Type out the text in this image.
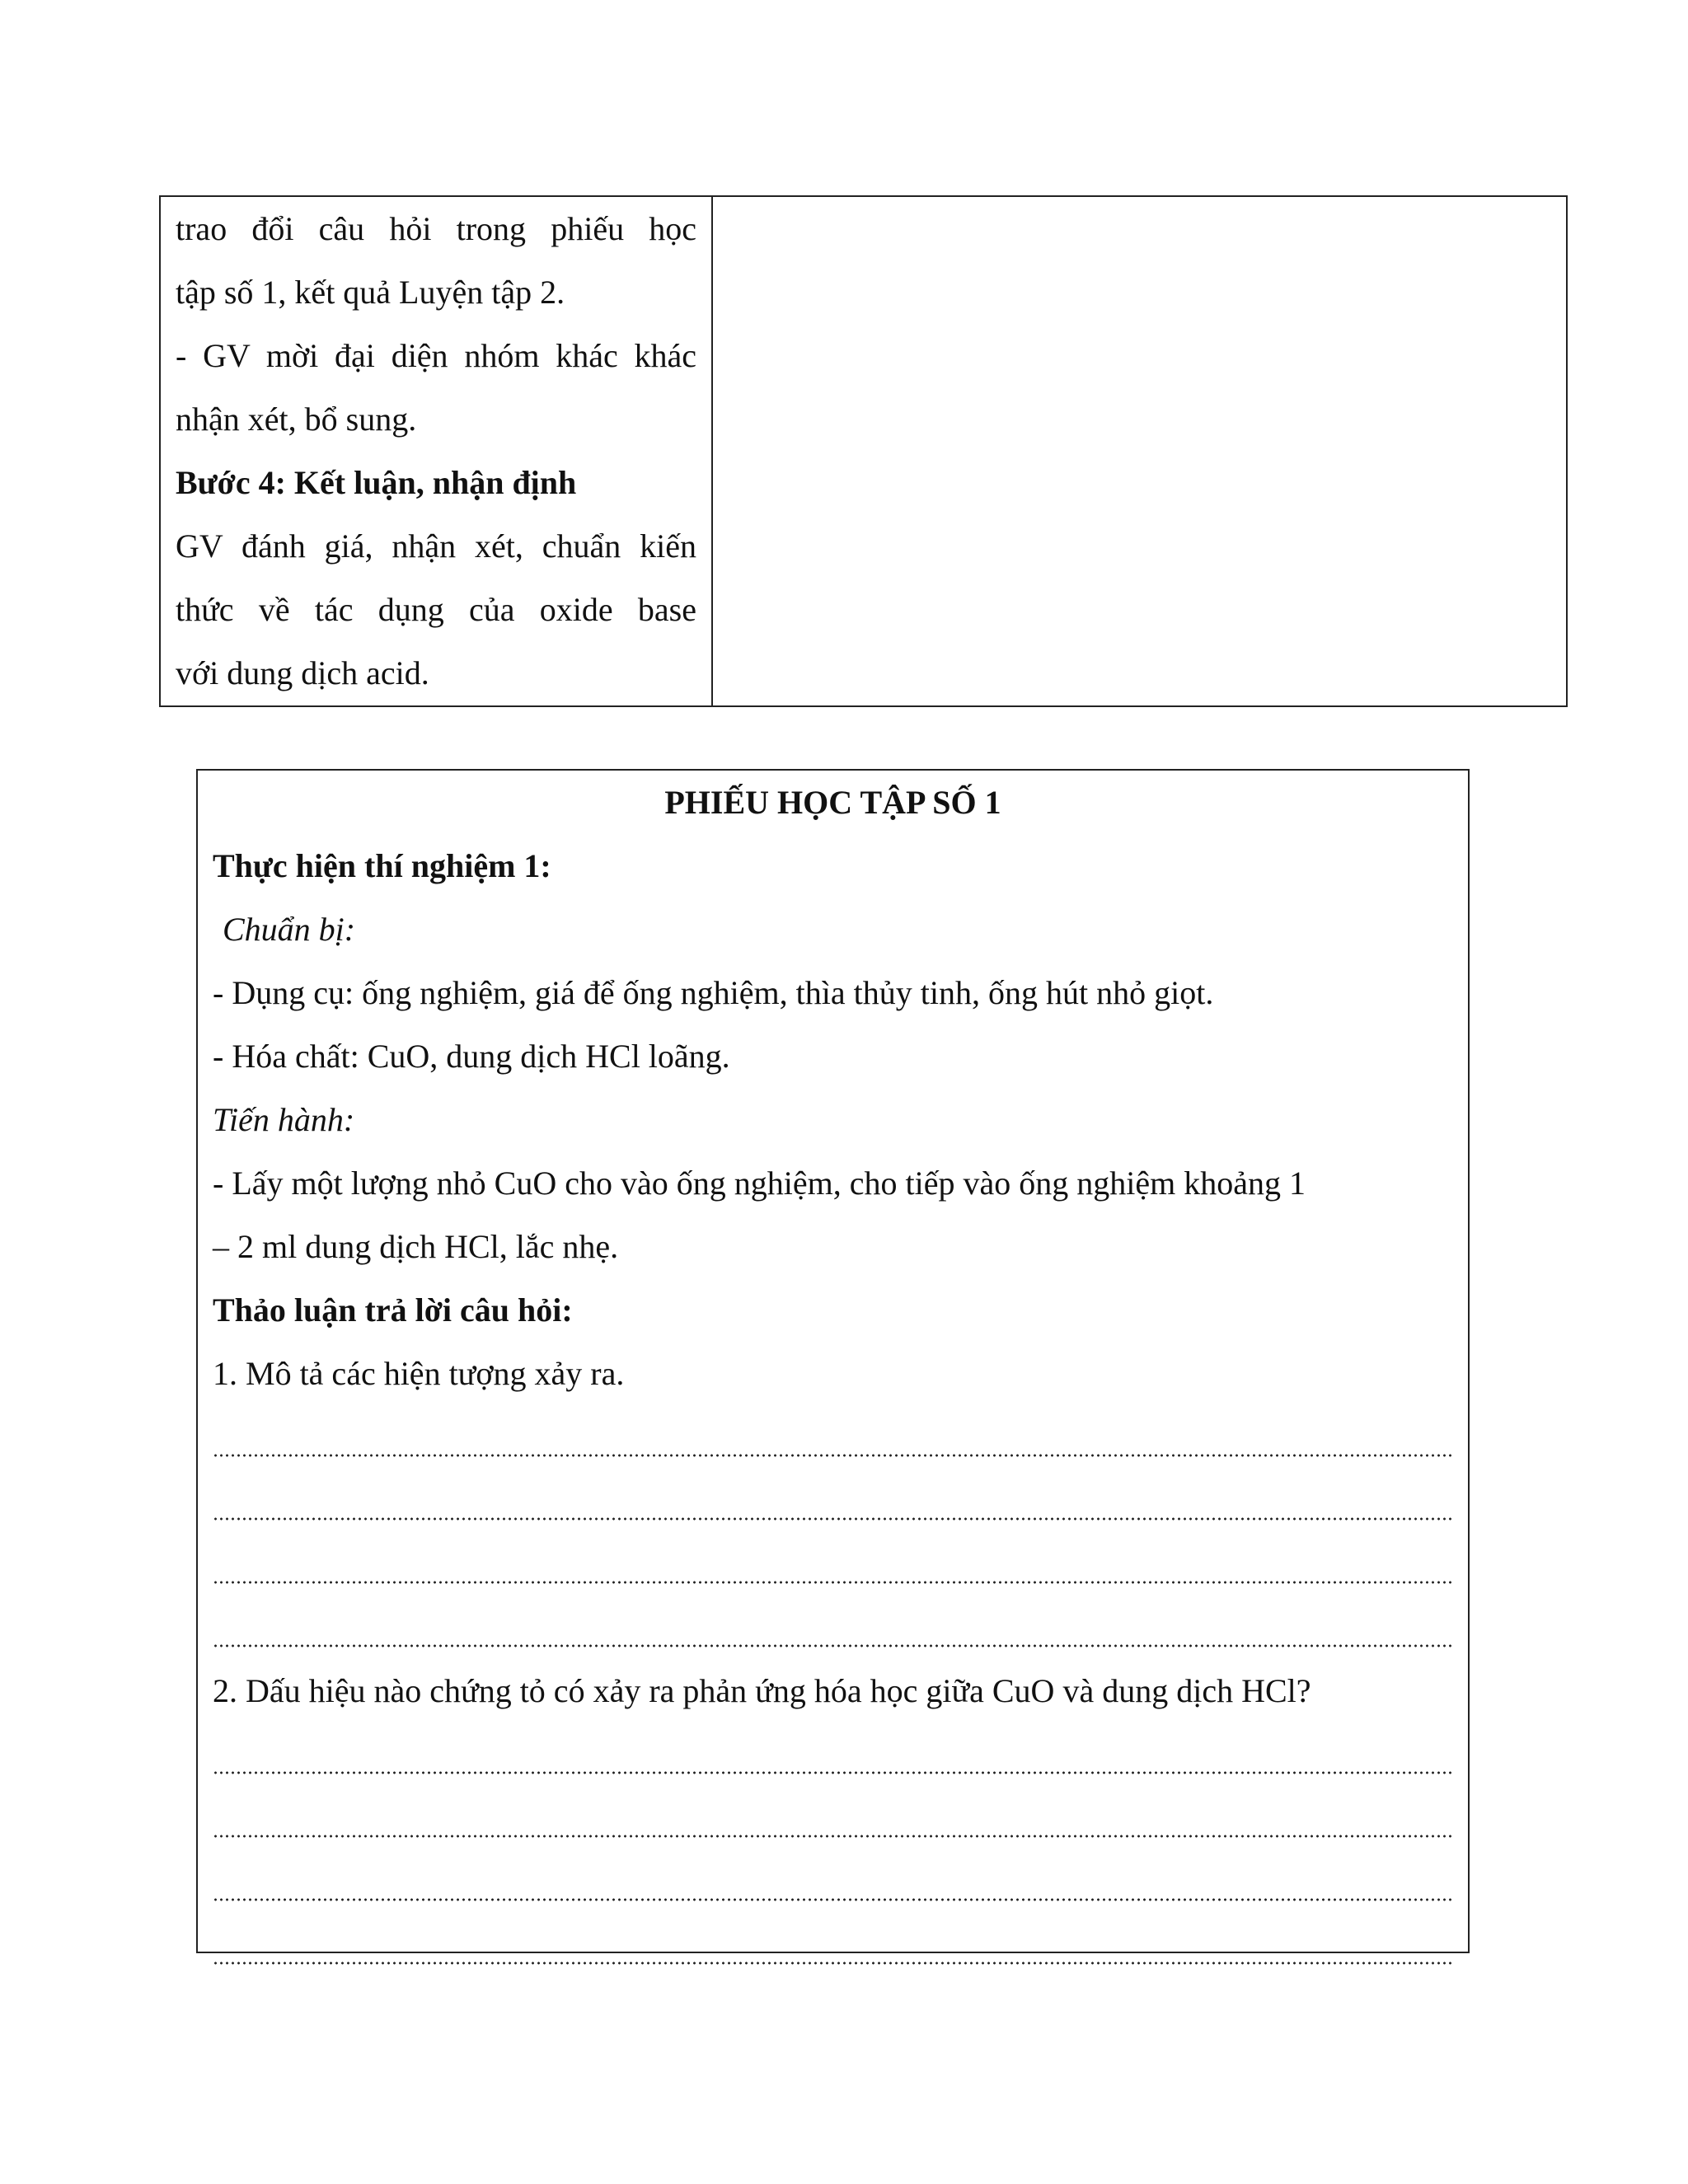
trao đổi câu hỏi trong phiếu học

tập số 1, kết quả Luyện tập 2.

- GV mời đại diện nhóm khác khác

nhận xét, bổ sung.

Bước 4: Kết luận, nhận định

GV đánh giá, nhận xét, chuẩn kiến

thức về tác dụng của oxide base

với dung dịch acid.

PHIẾU HỌC TẬP SỐ 1

Thực hiện thí nghiệm 1:

Chuẩn bị:

- Dụng cụ: ống nghiệm, giá để ống nghiệm, thìa thủy tinh, ống hút nhỏ giọt.

- Hóa chất: CuO, dung dịch HCl loãng.

Tiến hành:

- Lấy một lượng nhỏ CuO cho vào ống nghiệm, cho tiếp vào ống nghiệm khoảng 1

– 2 ml dung dịch HCl, lắc nhẹ.

Thảo luận trả lời câu hỏi:

1. Mô tả các hiện tượng xảy ra.

2. Dấu hiệu nào chứng tỏ có xảy ra phản ứng hóa học giữa CuO và dung dịch HCl?
